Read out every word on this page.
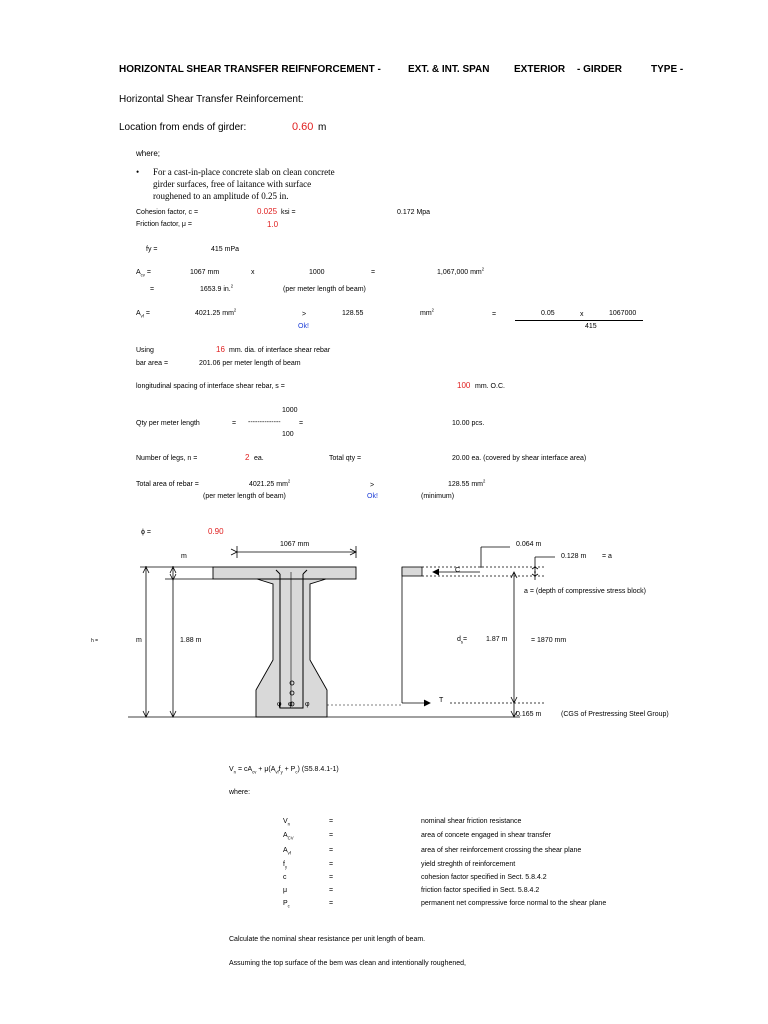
HORIZONTAL SHEAR TRANSFER REIFNFORCEMENT -	EXT. & INT. SPAN EXTERIOR - GIRDER	TYPE -
Horizontal Shear Transfer Reinforcement:
Location from ends of girder:	0.60 m
where;
• For a cast-in-place concrete slab on clean concrete
girder surfaces, free of laitance with surface
roughened to an amplitude of 0.25 in.
Cohesion factor, c =	0.025 ksi =	0.172 Mpa
Friction factor, μ =	1.0
fy =	415 mPa
$A_{cv}$ =	1067 mm	x	1000	=	1,067,000 $mm^2$
=	1653.9 in.$^2$	(per meter length of beam)
$A_{vf}$ =	4021.25 $mm^2$
>	128.55	$mm^2$
=	0.05	x	1067000
415
Ok!
Using	16 mm. dia. of interface shear rebar
bar area =	201.06 per meter length of beam
longitudinal spacing of interface shear rebar, s =	100 mm. O.C.
1000
Qty per meter length	= --------------	=	10.00 pcs.
100
Number of legs, n =	2 ea.	Total qty =	20.00 ea. (covered by shear interface area)
Total area of rebar =	4021.25 $mm^2$
>	128.55 $mm^2$
(per meter length of beam)	Ok!	(minimum)
ϕ =	0.90
1067 mm
m
h =	m	1.88 m
φ φ
φ
0.064 m
0.128 m = a
C
a = (depth of compressive stress block)
$d_s=$	1.87 m	= 1870 mm
T
0.165 m	(CGS of Prestressing Steel Group)
$V_n = cA_{cv} + \mu(A_{vf}f_y + P_c)$ (S5.8.4.1-1)
where:
$V_n$	=	nominal shear friction resistance
$A_{CV}$	=	area of concete engaged in shear transfer
$A_{vf}$	=	area of sher reinforcement crossing the shear plane
$f_y$	=	yield streghth of reinforcement
c	=	cohesion factor specified in Sect. 5.8.4.2
μ	=	friction factor specified in Sect. 5.8.4.2
$P_c$	=	permanent net compressive force normal to the shear plane
Calculate the nominal shear resistance per unit length of beam.
Assuming the top surface of the bem was clean and intentionally roughened,
